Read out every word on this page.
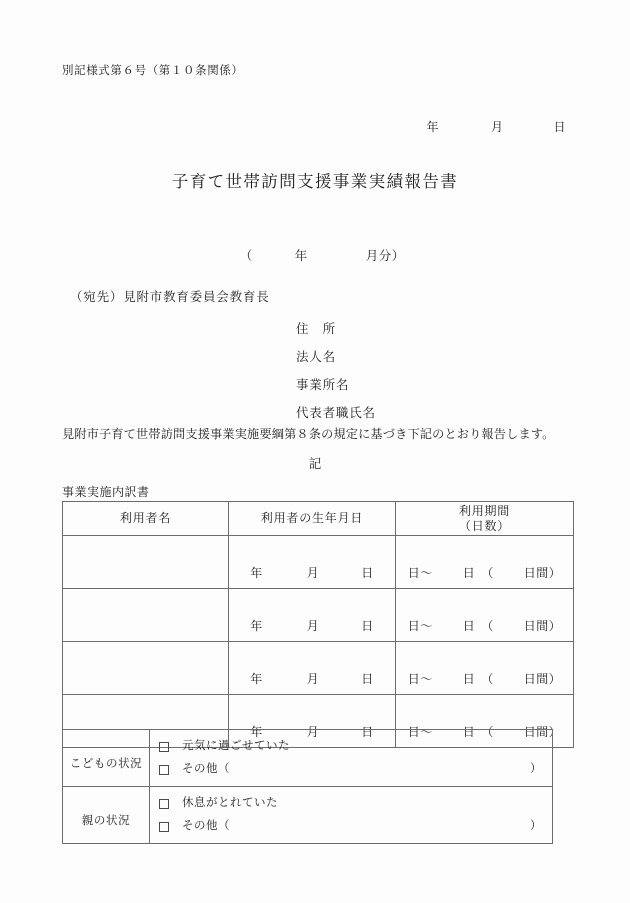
別記様式第６号（第１０条関係）
年	月	日
子育て世帯訪問支援事業実績報告書

（	年	月分）

（宛先）見附市教育委員会教育長
住　所
法人名
事業所名
代表者職氏名
見附市子育て世帯訪問支援事業実施要綱第８条の規定に基づき下記のとおり報告します。
記
事業実施内訳書
利用者名	利用者の生年月日	利用期間
（日数）

	年 月 日	日～ 日 （ 日間）
	年 月 日	日～ 日 （ 日間）
	年 月 日	日～ 日 （ 日間）
	年 月 日	日～ 日 （ 日間）
こどもの状況	元気に過ごせていた
その他（ ）

親の状況	休息がとれていた
その他（ ）
